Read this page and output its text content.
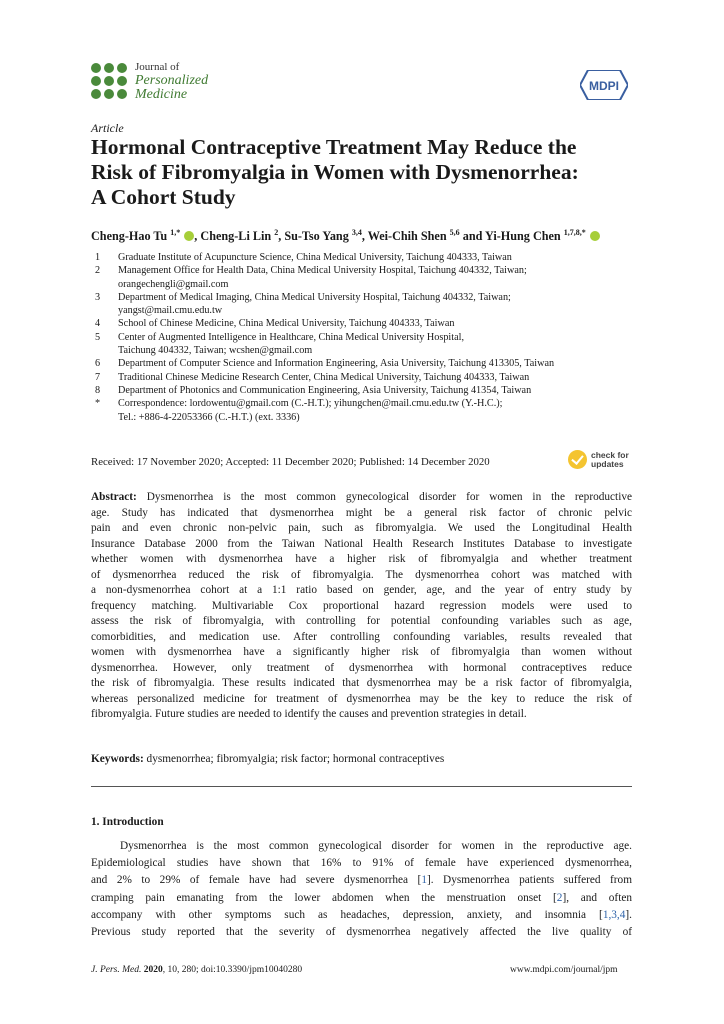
Journal of
Personalized
Medicine
MDPI
Article
Hormonal Contraceptive Treatment May Reduce the
Risk of Fibromyalgia in Women with Dysmenorrhea:
A Cohort Study
Cheng-Hao Tu $^{1,*}$ , Cheng-Li Lin $^2$, Su-Tso Yang $^{3,4}$, Wei-Chih Shen $^{5,6}$ and Yi-Hung Chen $^{1,7,8,*}$
1	Graduate Institute of Acupuncture Science, China Medical University, Taichung 404333, Taiwan
2	Management Office for Health Data, China Medical University Hospital, Taichung 404332, Taiwan;
orangechengli@gmail.com
3	Department of Medical Imaging, China Medical University Hospital, Taichung 404332, Taiwan;
yangst@mail.cmu.edu.tw
4	School of Chinese Medicine, China Medical University, Taichung 404333, Taiwan
5	Center of Augmented Intelligence in Healthcare, China Medical University Hospital,
Taichung 404332, Taiwan; wcshen@gmail.com
6	Department of Computer Science and Information Engineering, Asia University, Taichung 413305, Taiwan
7	Traditional Chinese Medicine Research Center, China Medical University, Taichung 404333, Taiwan
8	Department of Photonics and Communication Engineering, Asia University, Taichung 41354, Taiwan
*	Correspondence: lordowentu@gmail.com (C.-H.T.); yihungchen@mail.cmu.edu.tw (Y.-H.C.);
Tel.: +886-4-22053366 (C.-H.T.) (ext. 3336)
Received: 17 November 2020; Accepted: 11 December 2020; Published: 14 December 2020
check for
updates
Abstract: Dysmenorrhea is the most common gynecological disorder for women in the reproductive
age. Study has indicated that dysmenorrhea might be a general risk factor of chronic pelvic
pain and even chronic non-pelvic pain, such as fibromyalgia. We used the Longitudinal Health
Insurance Database 2000 from the Taiwan National Health Research Institutes Database to investigate
whether women with dysmenorrhea have a higher risk of fibromyalgia and whether treatment
of dysmenorrhea reduced the risk of fibromyalgia. The dysmenorrhea cohort was matched with
a non-dysmenorrhea cohort at a 1:1 ratio based on gender, age, and the year of entry study by
frequency matching. Multivariable Cox proportional hazard regression models were used to
assess the risk of fibromyalgia, with controlling for potential confounding variables such as age,
comorbidities, and medication use. After controlling confounding variables, results revealed that
women with dysmenorrhea have a significantly higher risk of fibromyalgia than women without
dysmenorrhea. However, only treatment of dysmenorrhea with hormonal contraceptives reduce
the risk of fibromyalgia. These results indicated that dysmenorrhea may be a risk factor of fibromyalgia,
whereas personalized medicine for treatment of dysmenorrhea may be the key to reduce the risk of
fibromyalgia. Future studies are needed to identify the causes and prevention strategies in detail.
Keywords: dysmenorrhea; fibromyalgia; risk factor; hormonal contraceptives
1. Introduction
Dysmenorrhea is the most common gynecological disorder for women in the reproductive age.
Epidemiological studies have shown that 16% to 91% of female have experienced dysmenorrhea,
and 2% to 29% of female have had severe dysmenorrhea [1]. Dysmenorrhea patients suffered from
cramping pain emanating from the lower abdomen when the menstruation onset [2], and often
accompany with other symptoms such as headaches, depression, anxiety, and insomnia [1,3,4].
Previous study reported that the severity of dysmenorrhea negatively affected the live quality of
J. Pers. Med. 2020, 10, 280; doi:10.3390/jpm10040280	www.mdpi.com/journal/jpm
